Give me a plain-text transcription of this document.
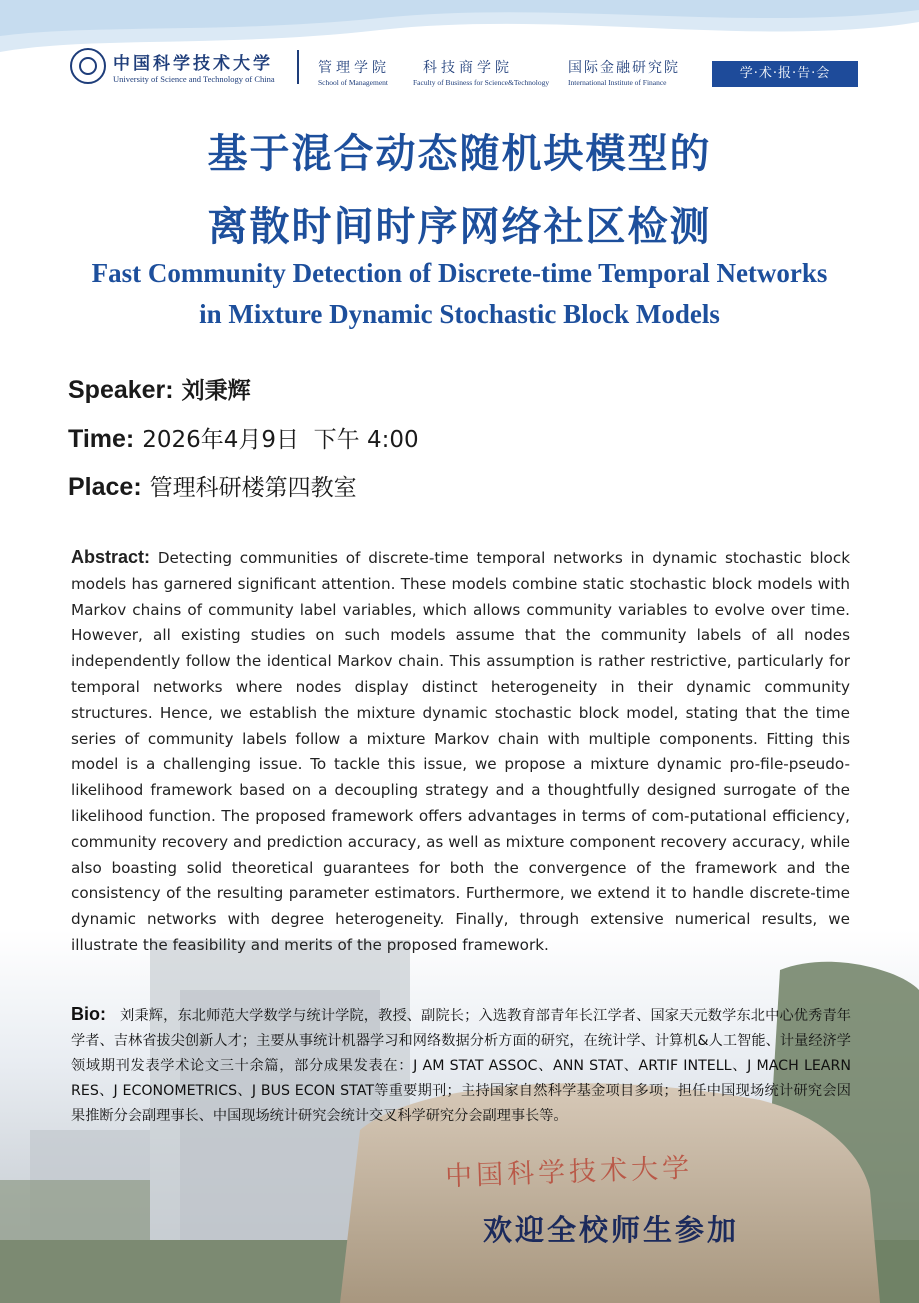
中国科学技术大学
University of Science and Technology of China
管理学院
School of Management
科技商学院
Faculty of Business for Science&Technology
国际金融研究院
International Institute of Finance
学·术·报·告·会
基于混合动态随机块模型的
离散时间时序网络社区检测
Fast Community Detection of Discrete-time Temporal Networks
in Mixture Dynamic Stochastic Block Models
Speaker: 刘秉辉
Time: 2026年4月9日  下午 4:00
Place: 管理科研楼第四教室
Abstract: Detecting communities of discrete-time temporal networks in dynamic stochastic block models has garnered significant attention. These models combine static stochastic block models with Markov chains of community label variables, which allows community variables to evolve over time. However, all existing studies on such models assume that the community labels of all nodes independently follow the identical Markov chain. This assumption is rather restrictive, particularly for temporal networks where nodes display distinct heterogeneity in their dynamic community structures. Hence, we establish the mixture dynamic stochastic block model, stating that the time series of community labels follow a mixture Markov chain with multiple components. Fitting this model is a challenging issue. To tackle this issue, we propose a mixture dynamic pro-file-pseudo-likelihood framework based on a decoupling strategy and a thoughtfully designed surrogate of the likelihood function. The proposed framework offers advantages in terms of com-putational efficiency, community recovery and prediction accuracy, as well as mixture component recovery accuracy, while also boasting solid theoretical guarantees for both the convergence of the framework and the consistency of the resulting parameter estimators. Furthermore, we extend it to handle discrete-time dynamic networks with degree heterogeneity. Finally, through extensive numerical results, we illustrate the feasibility and merits of the proposed framework.
Bio: 刘秉辉，东北师范大学数学与统计学院，教授、副院长；入选教育部青年长江学者、国家天元数学东北中心优秀青年学者、吉林省拔尖创新人才；主要从事统计机器学习和网络数据分析方面的研究，在统计学、计算机&人工智能、计量经济学领域期刊发表学术论文三十余篇，部分成果发表在：J AM STAT ASSOC、ANN STAT、ARTIF INTELL、J MACH LEARN RES、J ECONOMETRICS、J BUS ECON STAT等重要期刊；主持国家自然科学基金项目多项；担任中国现场统计研究会因果推断分会副理事长、中国现场统计研究会统计交叉科学研究分会副理事长等。
中国科学技术大学
欢迎全校师生参加
